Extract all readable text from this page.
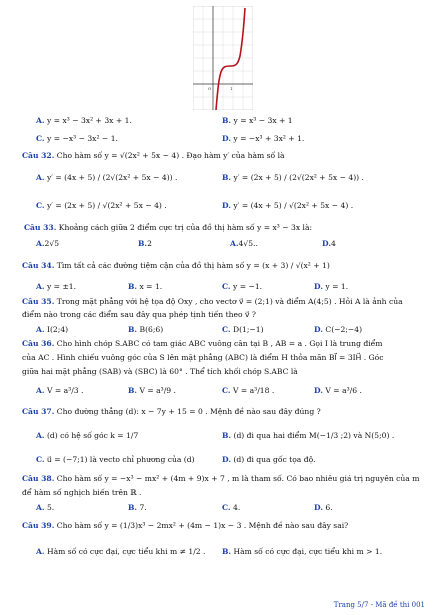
O	1
A. y = x³ − 3x² + 3x + 1.	B. y = x³ − 3x + 1
C. y = −x³ − 3x² − 1.	D. y = −x³ + 3x² + 1.
Câu 32. Cho hàm số y = √(2x² + 5x − 4) . Đạo hàm y′ của hàm số là
A. y′ = (4x + 5) / (2√(2x² + 5x − 4)) .	B. y′ = (2x + 5) / (2√(2x² + 5x − 4)) .
C. y′ = (2x + 5) / √(2x² + 5x − 4) .	D. y′ = (4x + 5) / √(2x² + 5x − 4) .
Câu 33. Khoảng cách giữa 2 điểm cực trị của đồ thị hàm số y = x³ − 3x là:
A.2√5	B.2	A.4√5..	D.4
Câu 34. Tìm tất cả các đường tiệm cận của đồ thị hàm số y = (x + 3) / √(x² + 1)
A. y = ±1.	B. x = 1.	C. y = −1.	D. y = 1.
Câu 35. Trong mặt phẳng với hệ tọa độ Oxy , cho vectơ v⃗ = (2;1) và điểm A(4;5) . Hỏi A là ảnh của
điểm nào trong các điểm sau đây qua phép tịnh tiến theo v⃗ ?
A. I(2;4)	B. B(6;6)	C. D(1;−1)	D. C(−2;−4)
Câu 36. Cho hình chóp S.ABC có tam giác ABC vuông cân tại B , AB = a . Gọi I là trung điểm
của AC . Hình chiếu vuông góc của S lên mặt phẳng (ABC) là điểm H thỏa mãn BI⃗ = 3IH⃗ . Góc
giữa hai mặt phẳng (SAB) và (SBC) là 60° . Thể tích khối chóp S.ABC là
A. V = a³/3 .	B. V = a³/9 .	C. V = a³/18 .	D. V = a³/6 .
Câu 37. Cho đường thẳng (d): x − 7y + 15 = 0 . Mệnh đề nào sau đây đúng ?
A. (d) có hệ số góc k = 1/7	B. (d) đi qua hai điểm M(−1/3 ;2) và N(5;0) .
C. u⃗ = (−7;1) là vecto chỉ phương của (d)	D. (d) đi qua gốc tọa độ.
Câu 38. Cho hàm số y = −x³ − mx² + (4m + 9)x + 7 , m là tham số. Có bao nhiêu giá trị nguyên của m
để hàm số nghịch biến trên ℝ .
A. 5.	B. 7.	C. 4.	D. 6.
Câu 39. Cho hàm số y = (1/3)x³ − 2mx² + (4m − 1)x − 3 . Mệnh đề nào sau đây sai?
A. Hàm số có cực đại, cực tiểu khi m ≠ 1/2 . B. Hàm số có cực đại, cực tiểu khi m > 1.
Trang 5/7 - Mã đề thi 001
